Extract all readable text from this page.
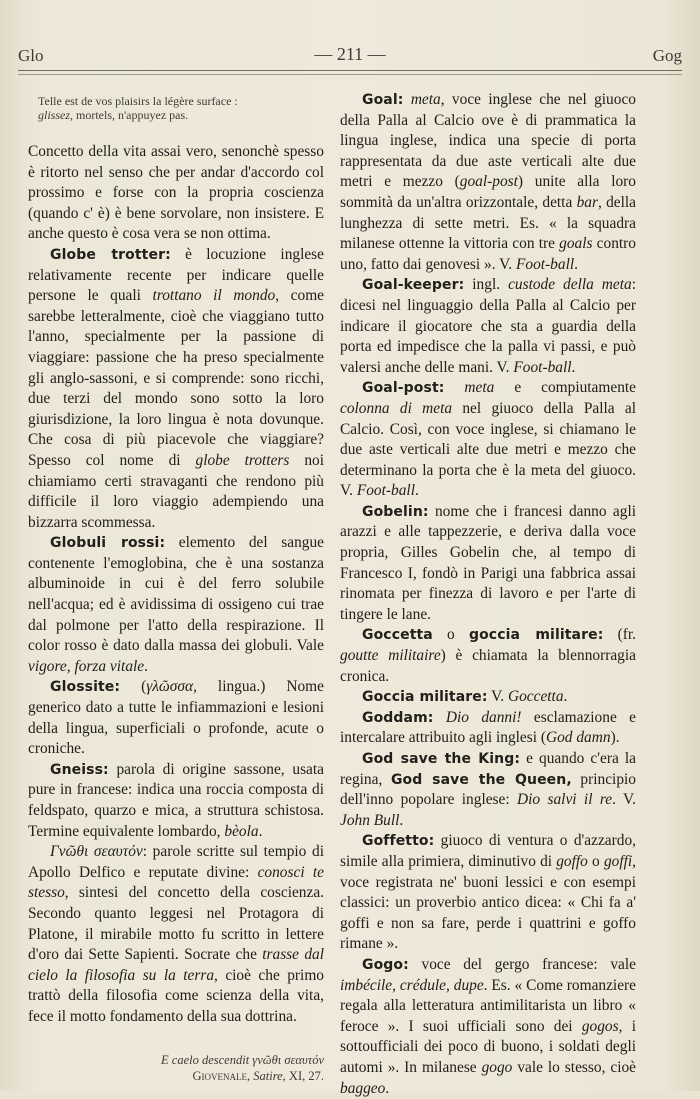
Glo	— 211 —	Gog
Telle est de vos plaisirs la légère surface :
glissez, mortels, n'appuyez pas.

Concetto della vita assai vero, senonchè spesso è ritorto nel senso che per andar d'accordo col prossimo e forse con la propria coscienza (quando c' è) è bene sorvolare, non insistere. E anche questo è cosa vera se non ottima.

Globe trotter: è locuzione inglese relativamente recente per indicare quelle persone le quali trottano il mondo, come sarebbe letteralmente, cioè che viaggiano tutto l'anno, specialmente per la passione di viaggiare: passione che ha preso specialmente gli anglo-sassoni, e si comprende: sono ricchi, due terzi del mondo sono sotto la loro giurisdizione, la loro lingua è nota dovunque. Che cosa di più piacevole che viaggiare? Spesso col nome di globe trotters noi chiamiamo certi stravaganti che rendono più difficile il loro viaggio adempiendo una bizzarra scommessa.

Globuli rossi: elemento del sangue contenente l'emoglobina, che è una sostanza albuminoide in cui è del ferro solubile nell'acqua; ed è avidissima di ossigeno cui trae dal polmone per l'atto della respirazione. Il color rosso è dato dalla massa dei globuli. Vale vigore, forza vitale.

Glossite: (γλῶσσα, lingua.) Nome generico dato a tutte le infiammazioni e lesioni della lingua, superficiali o profonde, acute o croniche.

Gneiss: parola di origine sassone, usata pure in francese: indica una roccia composta di feldspato, quarzo e mica, a struttura schistosa. Termine equivalente lombardo, bèola.

Γνῶθι σεαυτόν: parole scritte sul tempio di Apollo Delfico e reputate divine: conosci te stesso, sintesi del concetto della coscienza. Secondo quanto leggesi nel Protagora di Platone, il mirabile motto fu scritto in lettere d'oro dai Sette Sapienti. Socrate che trasse dal cielo la filosofia su la terra, cioè che primo trattò della filosofia come scienza della vita, fece il motto fondamento della sua dottrina.

E caelo descendit γνῶθι σεαυτόν
Giovenale, Satire, XI, 27.

Goal: meta, voce inglese che nel giuoco della Palla al Calcio ove è di prammatica la lingua inglese, indica una specie di porta rappresentata da due aste verticali alte due metri e mezzo (goal-post) unite alla loro sommità da un'altra orizzontale, detta bar, della lunghezza di sette metri. Es. « la squadra milanese ottenne la vittoria con tre goals contro uno, fatto dai genovesi ». V. Foot-ball.

Goal-keeper: ingl. custode della meta: dicesi nel linguaggio della Palla al Calcio per indicare il giocatore che sta a guardia della porta ed impedisce che la palla vi passi, e può valersi anche delle mani. V. Foot-ball.

Goal-post: meta e compiutamente colonna di meta nel giuoco della Palla al Calcio. Così, con voce inglese, si chiamano le due aste verticali alte due metri e mezzo che determinano la porta che è la meta del giuoco. V. Foot-ball.

Gobelin: nome che i francesi danno agli arazzi e alle tappezzerie, e deriva dalla voce propria, Gilles Gobelin che, al tempo di Francesco I, fondò in Parigi una fabbrica assai rinomata per finezza di lavoro e per l'arte di tingere le lane.

Goccetta o goccia militare: (fr. goutte militaire) è chiamata la blennorragia cronica.

Goccia militare: V. Goccetta.

Goddam: Dio danni! esclamazione e intercalare attribuito agli inglesi (God damn).

God save the King: e quando c'era la regina, God save the Queen, principio dell'inno popolare inglese: Dio salvi il re. V. John Bull.

Goffetto: giuoco di ventura o d'azzardo, simile alla primiera, diminutivo di goffo o goffi, voce registrata ne' buoni lessici e con esempi classici: un proverbio antico dicea: « Chi fa a' goffi e non sa fare, perde i quattrini e goffo rimane ».

Gogo: voce del gergo francese: vale imbécile, crédule, dupe. Es. « Come romanziere regala alla letteratura antimilitarista un libro « feroce ». I suoi ufficiali sono dei gogos, i sottoufficiali dei poco di buono, i soldati degli automi ». In milanese gogo vale lo stesso, cioè baggeo.
